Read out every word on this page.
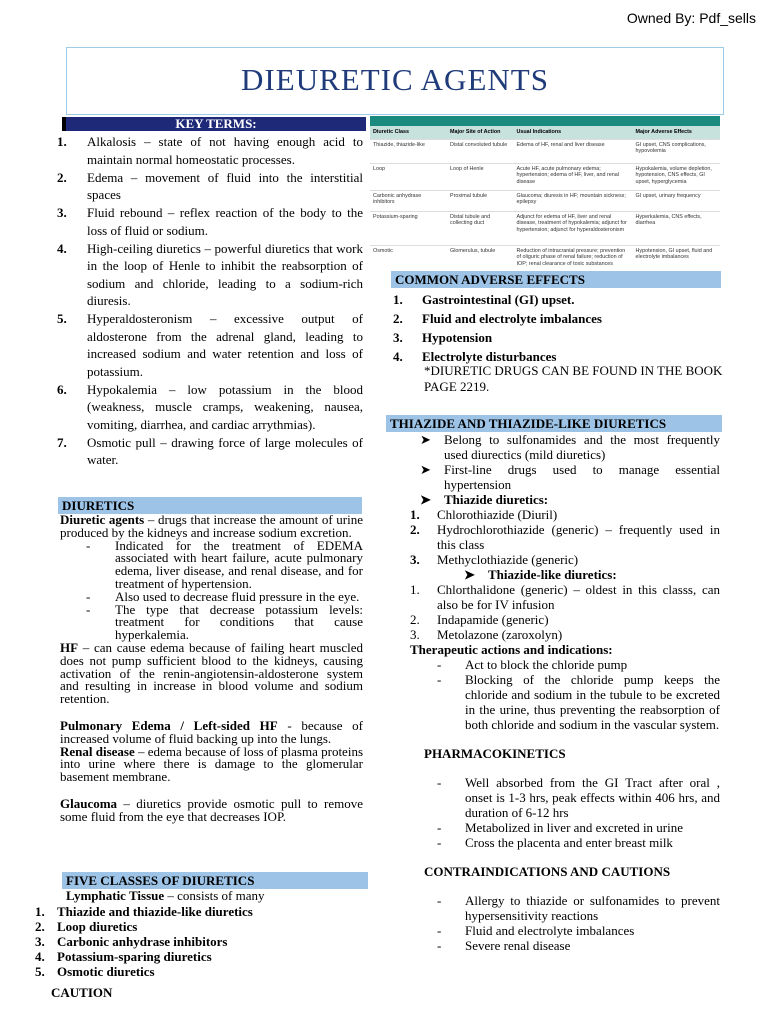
Owned By: Pdf_sells
DIEURETIC AGENTS
KEY TERMS:
1.	Alkalosis – state of not having enough acid to maintain normal homeostatic processes.
2.	Edema – movement of fluid into the interstitial spaces
3.	Fluid rebound – reflex reaction of the body to the loss of fluid or sodium.
4.	High-ceiling diuretics – powerful diuretics that work in the loop of Henle to inhibit the reabsorption of sodium and chloride, leading to a sodium-rich diuresis.
5.	Hyperaldosteronism – excessive output of aldosterone from the adrenal gland, leading to increased sodium and water retention and loss of potassium.
6.	Hypokalemia – low potassium in the blood (weakness, muscle cramps, weakening, nausea, vomiting, diarrhea, and cardiac arrythmias).
7.	Osmotic pull – drawing force of large molecules of water.
DIURETICS

Diuretic agents – drugs that increase the amount of urine produced by the kidneys and increase sodium excretion.

-	Indicated for the treatment of EDEMA associated with heart failure, acute pulmonary edema, liver disease, and renal disease, and for treatment of hypertension.
-	Also used to decrease fluid pressure in the eye.
-	The type that decrease potassium levels: treatment for conditions that cause hyperkalemia.

HF – can cause edema because of failing heart muscled does not pump sufficient blood to the kidneys, causing activation of the renin-angiotensin-aldosterone system and resulting in increase in blood volume and sodium retention.

Pulmonary Edema / Left-sided HF - because of increased volume of fluid backing up into the lungs.

Renal disease – edema because of loss of plasma proteins into urine where there is damage to the glomerular basement membrane.

Glaucoma – diuretics provide osmotic pull to remove some fluid from the eye that decreases IOP.

FIVE CLASSES OF DIURETICS
Lymphatic Tissue – consists of many
1. Thiazide and thiazide-like diuretics
2. Loop diuretics
3. Carbonic anhydrase inhibitors
4. Potassium-sparing diuretics
5. Osmotic diuretics
CAUTION
Diuretic Class	Major Site of Action	Usual Indications	Major Adverse Effects
Thiazide, thiazide-like	Distal convoluted tubule	Edema of HF, renal and liver disease	GI upset, CNS complications, hypovolemia
Loop	Loop of Henle	Acute HF, acute pulmonary edema; hypertension; edema of HF, liver, and renal disease	Hypokalemia, volume depletion, hypotension, CNS effects, GI upset, hyperglycemia
Carbonic anhydrase inhibitors	Proximal tubule	Glaucoma; diuresis in HF; mountain sickness; epilepsy	GI upset, urinary frequency
Potassium-sparing	Distal tubule and collecting duct	Adjunct for edema of HF, liver and renal disease, treatment of hypokalemia; adjunct for hypertension; adjunct for hyperaldosteronism	Hyperkalemia, CNS effects, diarrhea
Osmotic	Glomerulus, tubule	Reduction of intracranial pressure; prevention of oliguric phase of renal failure; reduction of IOP; renal clearance of toxic substances	Hypotension, GI upset, fluid and electrolyte imbalances
COMMON ADVERSE EFFECTS
1. Gastrointestinal (GI) upset.
2. Fluid and electrolyte imbalances
3. Hypotension
4. Electrolyte disturbances
*DIURETIC DRUGS CAN BE FOUND IN THE BOOK PAGE 2219.
THIAZIDE AND THIAZIDE-LIKE DIURETICS
➤	Belong to sulfonamides and the most frequently used diurectics (mild diuretics)
➤	First-line drugs used to manage essential hypertension
➤	Thiazide diuretics:
1.	Chlorothiazide (Diuril)
2.	Hydrochlorothiazide (generic) – frequently used in this class
3.	Methyclothiazide (generic)
➤	Thiazide-like diuretics:
1.	Chlorthalidone (generic) – oldest in this classs, can also be for IV infusion
2.	Indapamide (generic)
3.	Metolazone (zaroxolyn)
Therapeutic actions and indications:
-	Act to block the chloride pump
-	Blocking of the chloride pump keeps the chloride and sodium in the tubule to be excreted in the urine, thus preventing the reabsorption of both chloride and sodium in the vascular system.
PHARMACOKINETICS
-	Well absorbed from the GI Tract after oral , onset is 1-3 hrs, peak effects within 406 hrs, and duration of 6-12 hrs
-	Metabolized in liver and excreted in urine
-	Cross the placenta and enter breast milk
CONTRAINDICATIONS AND CAUTIONS
-	Allergy to thiazide or sulfonamides to prevent hypersensitivity reactions
-	Fluid and electrolyte imbalances
-	Severe renal disease
